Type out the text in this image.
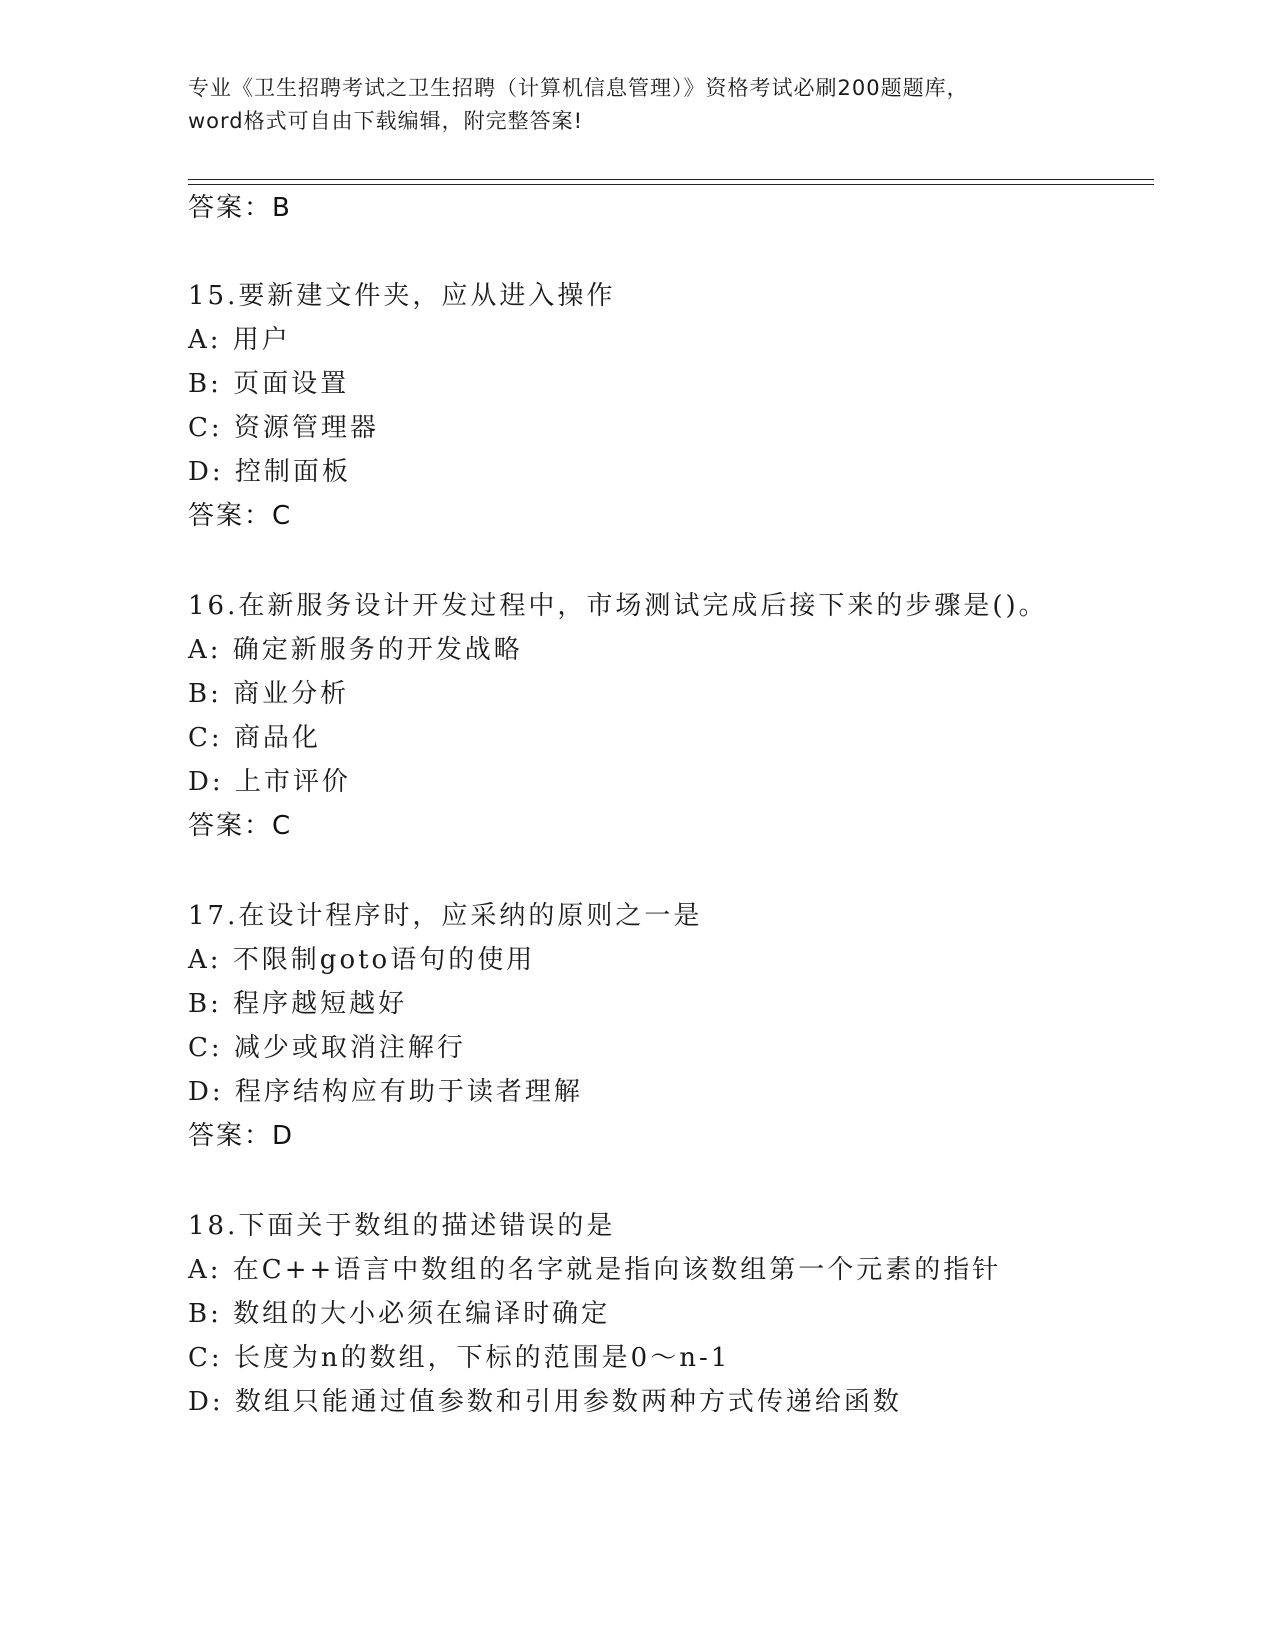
专业《卫生招聘考试之卫生招聘（计算机信息管理）》资格考试必刷200题题库，
word格式可自由下载编辑，附完整答案!
答案：B
15.要新建文件夹，应从进入操作
A: 用户
B: 页面设置
C: 资源管理器
D: 控制面板
答案：C
16.在新服务设计开发过程中，市场测试完成后接下来的步骤是()。
A: 确定新服务的开发战略
B: 商业分析
C: 商品化
D: 上市评价
答案：C
17.在设计程序时，应采纳的原则之一是
A: 不限制goto语句的使用
B: 程序越短越好
C: 减少或取消注解行
D: 程序结构应有助于读者理解
答案：D
18.下面关于数组的描述错误的是
A: 在C++语言中数组的名字就是指向该数组第一个元素的指针
B: 数组的大小必须在编译时确定
C: 长度为n的数组，下标的范围是0～n-1
D: 数组只能通过值参数和引用参数两种方式传递给函数
